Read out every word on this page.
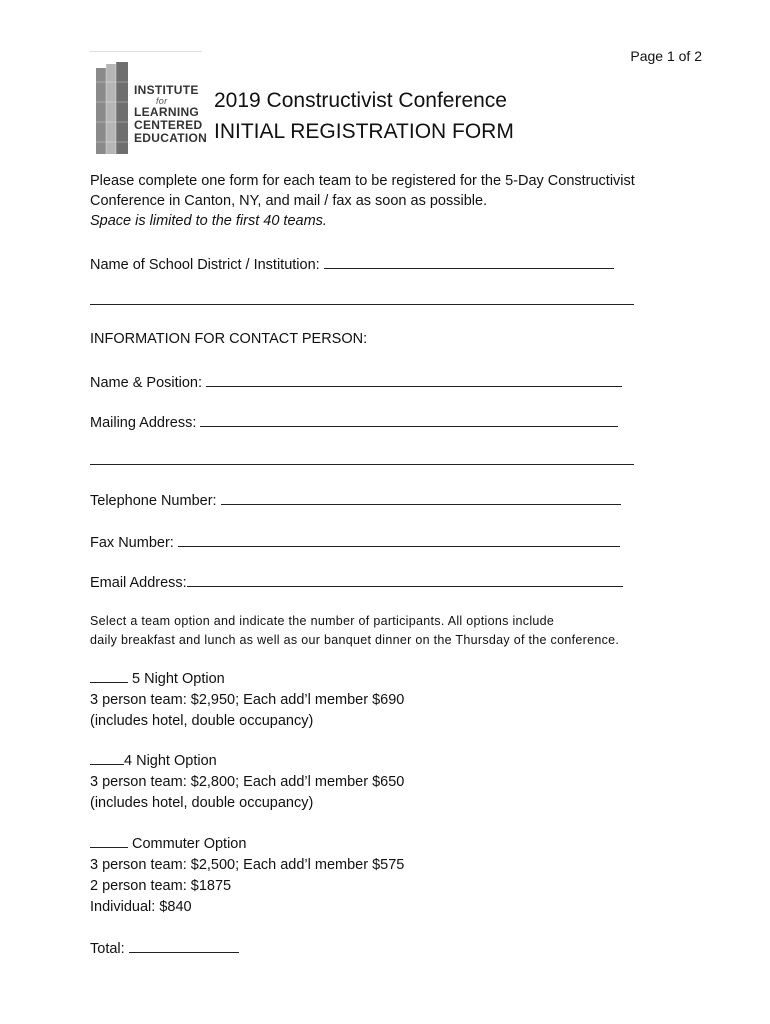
Page 1 of 2
INSTITUTE
for
LEARNING
CENTERED
EDUCATION
2019 Constructivist Conference
INITIAL REGISTRATION FORM
Please complete one form for each team to be registered for the 5-Day Constructivist
Conference in Canton, NY, and mail / fax as soon as possible.
Space is limited to the first 40 teams.
Name of School District / Institution:
INFORMATION FOR CONTACT PERSON:
Name & Position:
Mailing Address:
Telephone Number:
Fax Number:
Email Address:
Select a team option and indicate the number of participants. All options include
daily breakfast and lunch as well as our banquet dinner on the Thursday of the conference.
5 Night Option
3 person team: $2,950; Each add’l member $690
(includes hotel, double occupancy)
4 Night Option
3 person team: $2,800; Each add’l member $650
(includes hotel, double occupancy)
Commuter Option
3 person team: $2,500; Each add’l member $575
2 person team: $1875
Individual: $840
Total:
